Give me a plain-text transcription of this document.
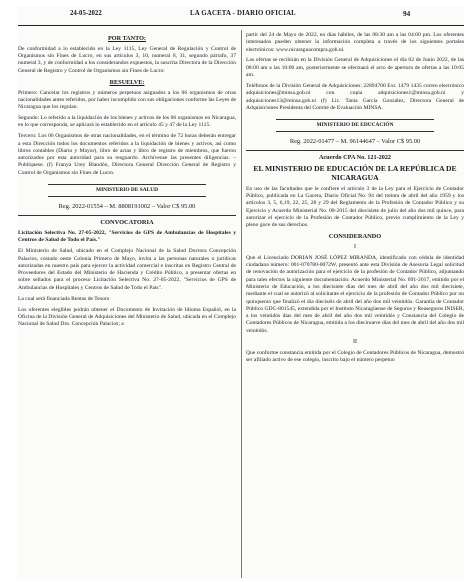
24-05-2022	LA GACETA - DIARIO OFICIAL	94

POR TANTO:

De conformidad a lo establecido en la Ley 1115, Ley General de Regulación y Control de Organismos sin Fines de Lucro, en sus artículos 3, 10, numeral 8, 31, segundo párrafo, 37 numeral 3, y de conformidad a los considerandos expuestos, la suscrita Directora de la Dirección General de Registro y Control de Organismos sin Fines de Lucro:

RESUELVE:

Primero: Cancelar los registros y números perpetuos asignados a los 06 organismos de otras nacionalidades antes referidos, por haber incumplido con sus obligaciones conforme las Leyes de Nicaragua que los regulan.

Segundo: Lo referido a la liquidación de los bienes y activos de los 06 organismos en Nicaragua, en lo que corresponda, se aplicará lo establecido en el artículo 45 y 47 de la Ley 1115.

Tercero: Los 06 Organismos de otras nacionalidades, en el término de 72 horas deberán entregar a esta Dirección todos los documentos referidos a la liquidación de bienes y activos, así como libros contables (Diario y Mayor), libro de actas y libro de registro de miembros, que fueron autorizados por esta autoridad para su resguardo. Archívense las presentes diligencias. – Publíquese. (f) Franya Urey Blandón, Directora General Dirección General de Registro y Control de Organismos sin Fines de Lucro.

MINISTERIO DE SALUD

Reg. 2022-01554 – M. 8808191002 – Valor C$ 95.00

CONVOCATORIA

Licitación Selectiva No. 27-05-2022, "Servicios de GPS de Ambulancias de Hospitales y Centros de Salud de Todo el País."

El Ministerio de Salud, ubicado en el Complejo Nacional de la Salud Doctora Concepción Palacios, costado oeste Colonia Primero de Mayo, invita a las personas naturales o jurídicas autorizadas en nuestro país para ejercer la actividad comercial e inscritas en Registro Central de Proveedores del Estado del Ministerio de Hacienda y Crédito Público, a presentar ofertas en sobre sellados para el proceso Licitación Selectiva No. 27-05-2022, "Servicios de GPS de Ambulancias de Hospitales y Centros de Salud de Todo el País".

La cual será financiada Rentas de Tesoro

Los oferentes elegibles podrán obtener el Documento de Invitación de Idioma Español, en la Oficina de la División General de Adquisiciones del Ministerio de Salud, ubicada en el Complejo Nacional de Salud Dra. Concepción Palacios; a

partir del 24 de Mayo de 2022, en días hábiles, de las 08:30 am a las 04:00 pm. Los oferentes interesados pueden obtener la información completa a través de los siguientes portales electrónicos: www.nicaraguacompra.gob.ni.

Las ofertas se recibirán en la División General de Adquisiciones el día 02 de Junio 2022, de las 08:00 am a las 10:00 am, posteriormente se efectuará el acto de apertura de ofertas a las 10:05 am.

Teléfonos de la División General de Adquisiciones: 22894700 Ext. 1479 1435 correo electrónico adquisiciones@minsa.gob.ni con copia adquisiciones1@minsa.gob.ni y adquisiciones13@minsa.gob.ni (f) Lic. Tania García González, Directora General de Adquisiciones Presidenta del Comité de Evaluación MINSA.

MINISTERIO DE EDUCACIÓN

Reg. 2022-01477 – M. 96144647 – Valor C$ 95.00

Acuerdo CPA No. 121-2022

EL MINISTERIO DE EDUCACIÓN DE LA REPÚBLICA DE NICARAGUA

En uso de las facultades que le confiere el artículo 3 de la Ley para el Ejercicio de Contador Público, publicada en La Gaceta, Diario Oficial No. 94 del treinta de abril del año 1959 y los artículos 3, 5, 6,19, 22, 25, 28 y 29 del Reglamento de la Profesión de Contador Público y su Ejercicio y Acuerdo Ministerial No. 08-2015 del diecisiete de julio del año dos mil quince, para autorizar el ejercicio de la Profesión de Contador Público, previo cumplimiento de la Ley y pleno goce de sus derechos.

CONSIDERANDO

I

Que el Licenciado DORIAN JOSÉ LÓPEZ MIRANDA, identificado con cédula de identidad ciudadana número: 001-070780-0072W, presentó ante esta División de Asesoría Legal solicitud de renovación de autorización para el ejercicio de la profesión de Contador Público, adjuntando para tales efectos la siguiente documentación: Acuerdo Ministerial No. 091-2017, emitido por el Ministerio de Educación, a los diecisiete días del mes de abril del año dos mil diecisiete, mediante el cual se autorizó al solicitante el ejercicio de la profesión de Contador Público por un quinquenio que finalizó el día dieciséis de abril del año dos mil veintidós. Garantía de Contador Público GDC-801545, extendida por el Instituto Nicaragüense de Seguros y Reaseguros INISER, a los veintidós días del mes de abril del año dos mil veintidós y Constancia del Colegio de Contadores Públicos de Nicaragua, emitida a los diecinueve días del mes de abril del año dos mil veintidós.

II

Que conforme constancia emitida por el Colegio de Contadores Públicos de Nicaragua, demostró ser afiliado activo de ese colegio, inscrito bajo el número perpetuo
